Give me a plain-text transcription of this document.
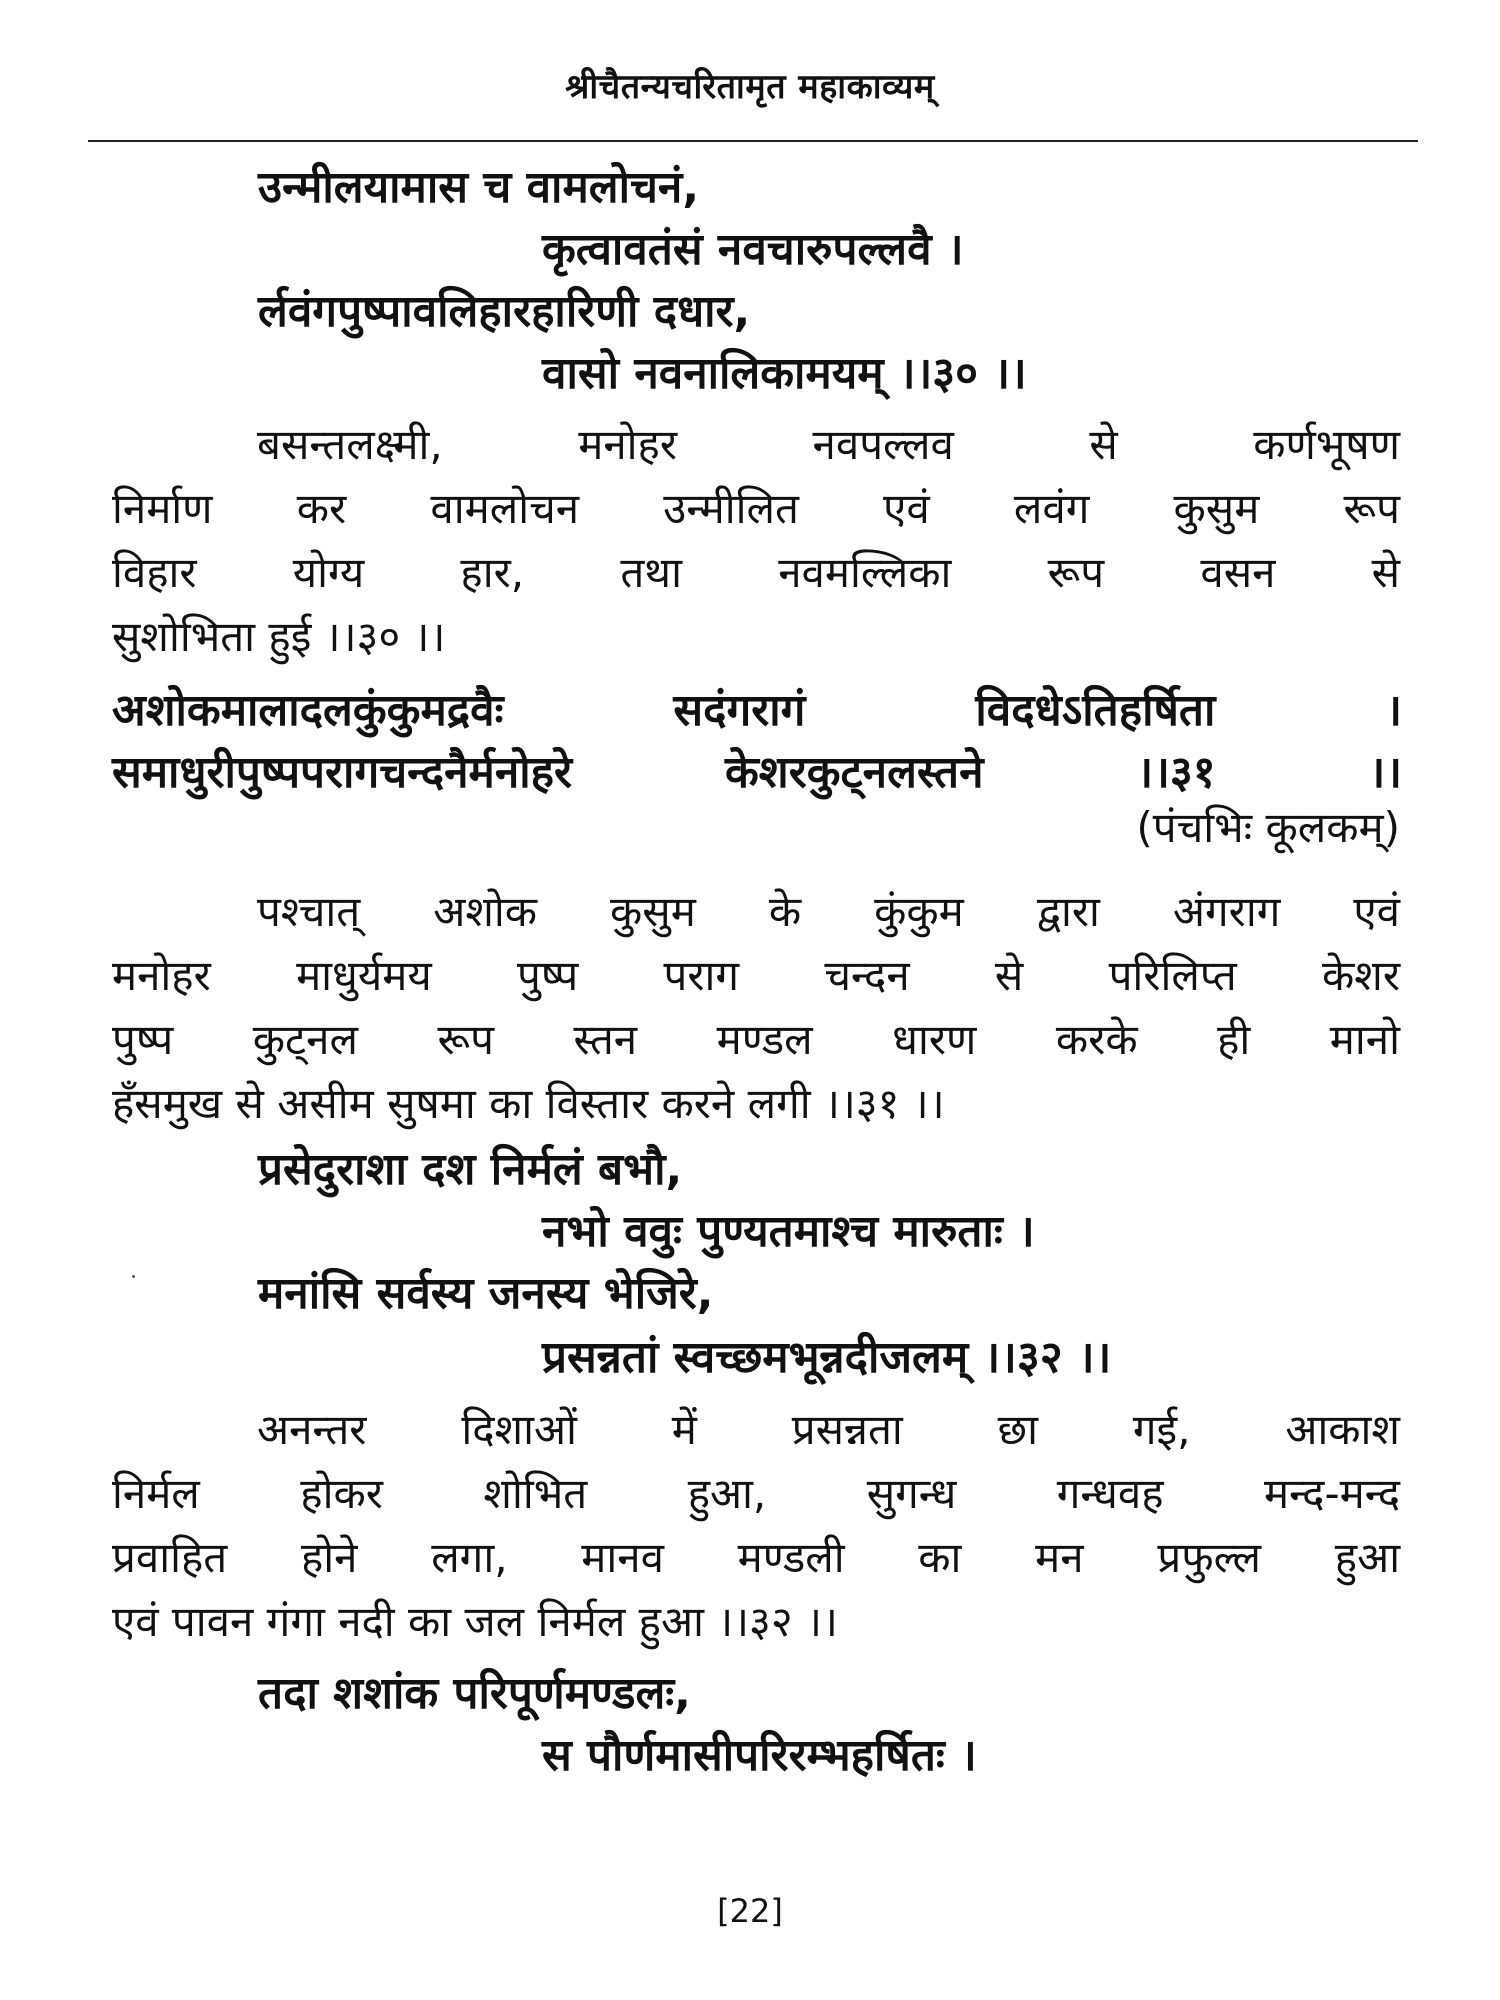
श्रीचैतन्यचरितामृत महाकाव्यम्
उन्मीलयामास च वामलोचनं,
कृत्वावतंसं नवचारुपल्लवै ।
र्लवंगपुष्पावलिहारहारिणी दधार,
वासो नवनालिकामयम् ।।३० ।।
बसन्तलक्ष्मी, मनोहर नवपल्लव से कर्णभूषण
निर्माण कर वामलोचन उन्मीलित एवं लवंग कुसुम रूप
विहार योग्य हार, तथा नवमल्लिका रूप वसन से
सुशोभिता हुई ।।३० ।।
अशोकमालादलकुंकुमद्रवैः सदंगरागं विदधेऽतिहर्षिता ।
समाधुरीपुष्पपरागचन्दनैर्मनोहरे केशरकुट्नलस्तने ।।३१ ।।
(पंचभिः कूलकम्)
पश्चात् अशोक कुसुम के कुंकुम द्वारा अंगराग एवं
मनोहर माधुर्यमय पुष्प पराग चन्दन से परिलिप्त केशर
पुष्प कुट्नल रूप स्तन मण्डल धारण करके ही मानो
हँसमुख से असीम सुषमा का विस्तार करने लगी ।।३१ ।।
प्रसेदुराशा दश निर्मलं बभौ,
नभो ववुः पुण्यतमाश्च मारुताः ।
मनांसि सर्वस्य जनस्य भेजिरे,
प्रसन्नतां स्वच्छमभून्नदीजलम् ।।३२ ।।
अनन्तर दिशाओं में प्रसन्नता छा गई, आकाश
निर्मल होकर शोभित हुआ, सुगन्ध गन्धवह मन्द-मन्द
प्रवाहित होने लगा, मानव मण्डली का मन प्रफुल्ल हुआ
एवं पावन गंगा नदी का जल निर्मल हुआ ।।३२ ।।
तदा शशांक परिपूर्णमण्डलः,
स पौर्णमासीपरिरम्भहर्षितः ।
[22]
